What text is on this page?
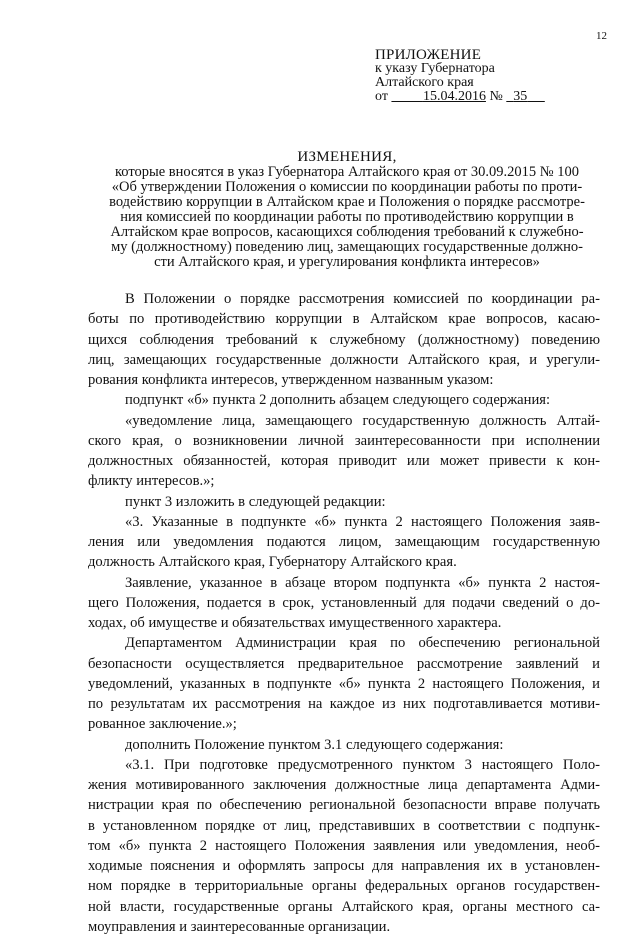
12
ПРИЛОЖЕНИЕ
к указу Губернатора
Алтайского края
от	15.04.2016 № 35
ИЗМЕНЕНИЯ,
которые вносятся в указ Губернатора Алтайского края от 30.09.2015 № 100
«Об утверждении Положения о комиссии по координации работы по проти-
водействию коррупции в Алтайском крае и Положения о порядке рассмотре-
ния комиссией по координации работы по противодействию коррупции в
Алтайском крае вопросов, касающихся соблюдения требований к служебно-
му (должностному) поведению лиц, замещающих государственные должно-
сти Алтайского края, и урегулирования конфликта интересов»
В Положении о порядке рассмотрения комиссией по координации ра-
боты по противодействию коррупции в Алтайском крае вопросов, касаю-
щихся соблюдения требований к служебному (должностному) поведению
лиц, замещающих государственные должности Алтайского края, и урегули-
рования конфликта интересов, утвержденном названным указом:
подпункт «б» пункта 2 дополнить абзацем следующего содержания:
«уведомление лица, замещающего государственную должность Алтай-
ского края, о возникновении личной заинтересованности при исполнении
должностных обязанностей, которая приводит или может привести к кон-
фликту интересов.»;
пункт 3 изложить в следующей редакции:
«3. Указанные в подпункте «б» пункта 2 настоящего Положения заяв-
ления или уведомления подаются лицом, замещающим государственную
должность Алтайского края, Губернатору Алтайского края.
Заявление, указанное в абзаце втором подпункта «б» пункта 2 настоя-
щего Положения, подается в срок, установленный для подачи сведений о до-
ходах, об имуществе и обязательствах имущественного характера.
Департаментом Администрации края по обеспечению региональной
безопасности осуществляется предварительное рассмотрение заявлений и
уведомлений, указанных в подпункте «б» пункта 2 настоящего Положения, и
по результатам их рассмотрения на каждое из них подготавливается мотиви-
рованное заключение.»;
дополнить Положение пунктом 3.1 следующего содержания:
«3.1. При подготовке предусмотренного пунктом 3 настоящего Поло-
жения мотивированного заключения должностные лица департамента Адми-
нистрации края по обеспечению региональной безопасности вправе получать
в установленном порядке от лиц, представивших в соответствии с подпунк-
том «б» пункта 2 настоящего Положения заявления или уведомления, необ-
ходимые пояснения и оформлять запросы для направления их в установлен-
ном порядке в территориальные органы федеральных органов государствен-
ной власти, государственные органы Алтайского края, органы местного са-
моуправления и заинтересованные организации.
